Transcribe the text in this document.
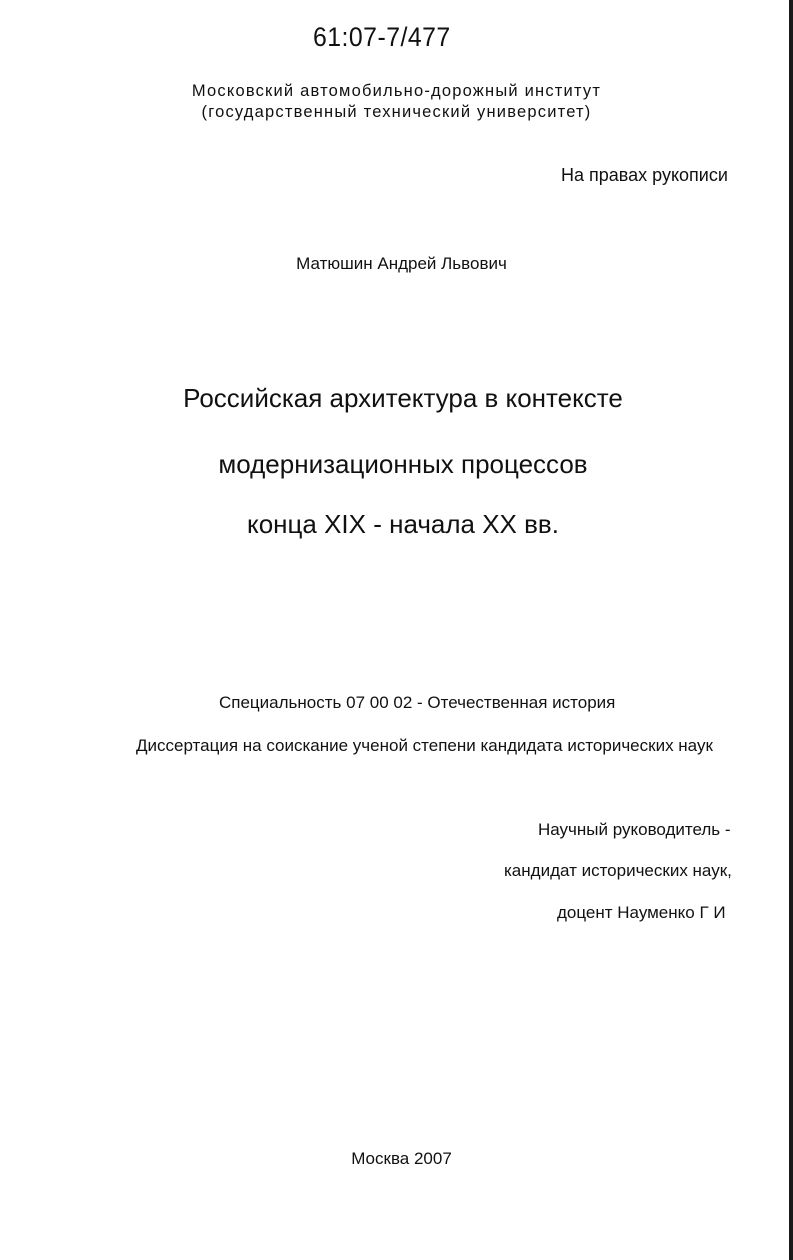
61:07-7/477

Московский автомобильно-дорожный институт

(государственный технический университет)

На правах рукописи

Матюшин Андрей Львович

Российская архитектура в контексте

модернизационных процессов

конца XIX - начала XX вв.

Специальность 07 00 02 - Отечественная история

Диссертация на соискание ученой степени кандидата исторических наук

Научный руководитель -

кандидат исторических наук,

доцент Науменко Г И

Москва 2007
